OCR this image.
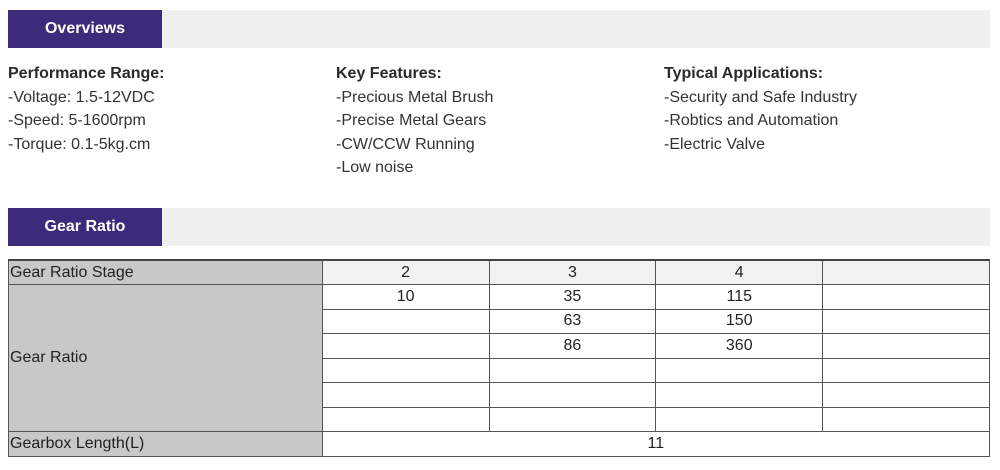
Overviews
Performance Range:
-Voltage: 1.5-12VDC
-Speed: 5-1600rpm
-Torque: 0.1-5kg.cm
Key Features:
-Precious Metal Brush
-Precise Metal Gears
-CW/CCW Running
-Low noise
Typical Applications:
-Security and Safe Industry
-Robtics and Automation
-Electric Valve
Gear Ratio
Gear Ratio Stage	2	3	4	
Gear Ratio	10	35	115	
		63	150	
		86	360	

Gearbox Length(L)	11			
